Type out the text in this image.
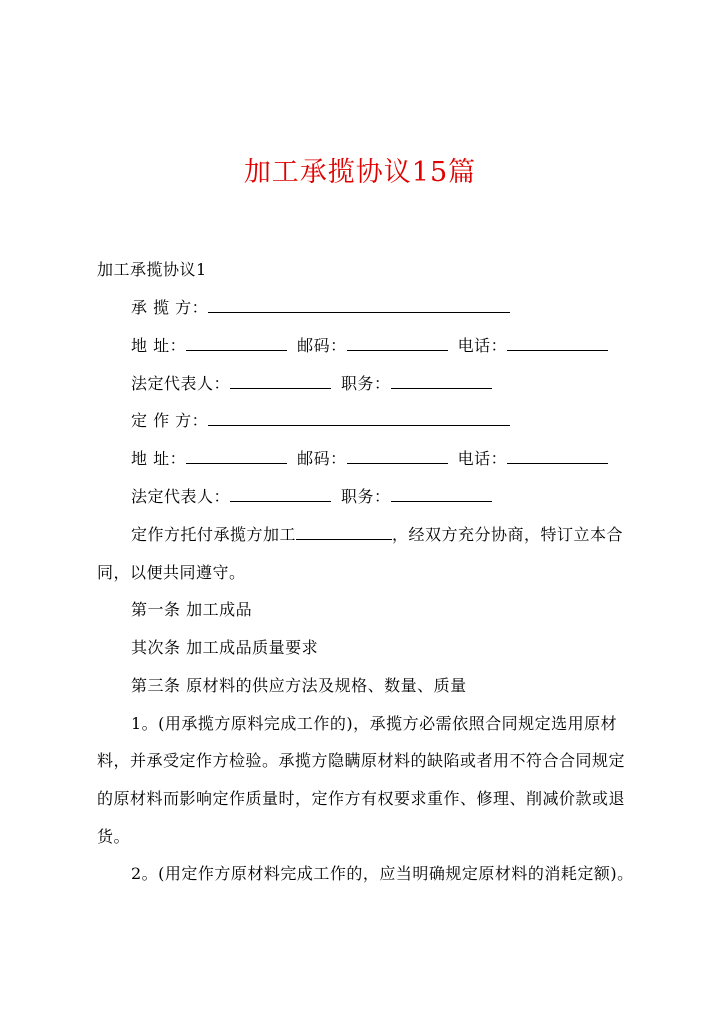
加工承揽协议15篇
加工承揽协议1
承 揽 方：
地 址：	邮码：	电话：
法定代表人：	职务：
定 作 方：
地 址：	邮码：	电话：
法定代表人：	职务：
定作方托付承揽方加工	，经双方充分协商，特订立本合
同，以便共同遵守。
第一条 加工成品
其次条 加工成品质量要求
第三条 原材料的供应方法及规格、数量、质量
1。(用承揽方原料完成工作的)，承揽方必需依照合同规定选用原材
料，并承受定作方检验。承揽方隐瞒原材料的缺陷或者用不符合合同规定
的原材料而影响定作质量时，定作方有权要求重作、修理、削减价款或退
货。
2。(用定作方原材料完成工作的，应当明确规定原材料的消耗定额)。
